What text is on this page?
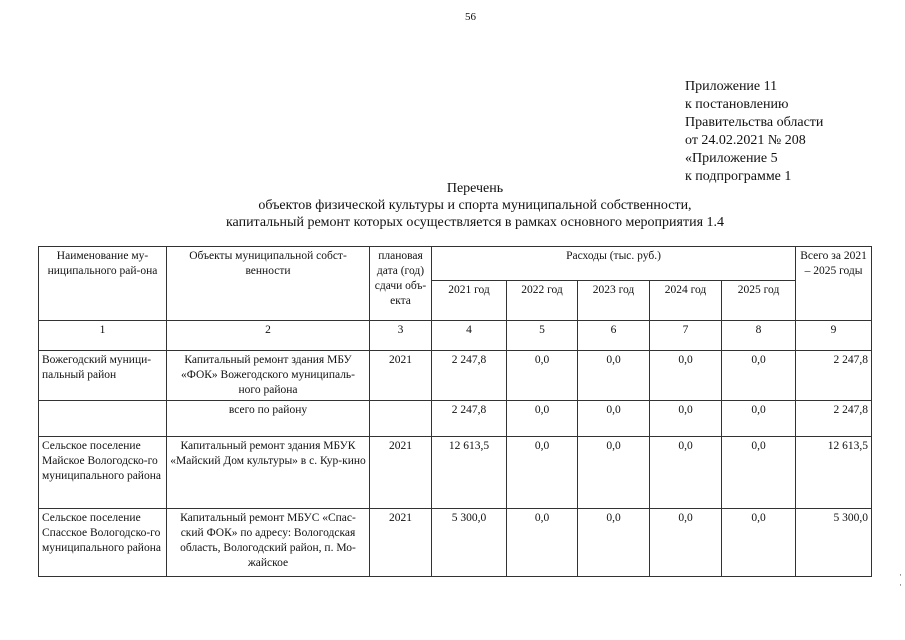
56
Приложение 11
к постановлению
Правительства области
от 24.02.2021 № 208
«Приложение 5
к подпрограмме 1
Перечень
объектов физической культуры и спорта муниципальной собственности,
капитальный ремонт которых осуществляется в рамках основного мероприятия 1.4
Наименование му-ниципального рай-она	Объекты муниципальной собст-венности	плановая дата (год) сдачи объ-екта	Расходы (тыс. руб.)					Всего за 2021 – 2025 годы
			2021 год	2022 год	2023 год	2024 год	2025 год	
1	2	3	4	5	6	7	8	9
Вожегодский муници-пальный район	Капитальный ремонт здания МБУ «ФОК» Вожегодского муниципаль-ного района	2021	2 247,8	0,0	0,0	0,0	0,0	2 247,8
	всего по району		2 247,8	0,0	0,0	0,0	0,0	2 247,8
Сельское поселение Майское Вологодско-го муниципального района	Капитальный ремонт здания МБУК «Майский Дом культуры» в с. Кур-кино	2021	12 613,5	0,0	0,0	0,0	0,0	12 613,5
Сельское поселение Спасское Вологодско-го муниципального района	Капитальный ремонт МБУС «Спас-ский ФОК» по адресу: Вологодская область, Вологодский район, п. Мо-жайское	2021	5 300,0	0,0	0,0	0,0	0,0	5 300,0
·
·
